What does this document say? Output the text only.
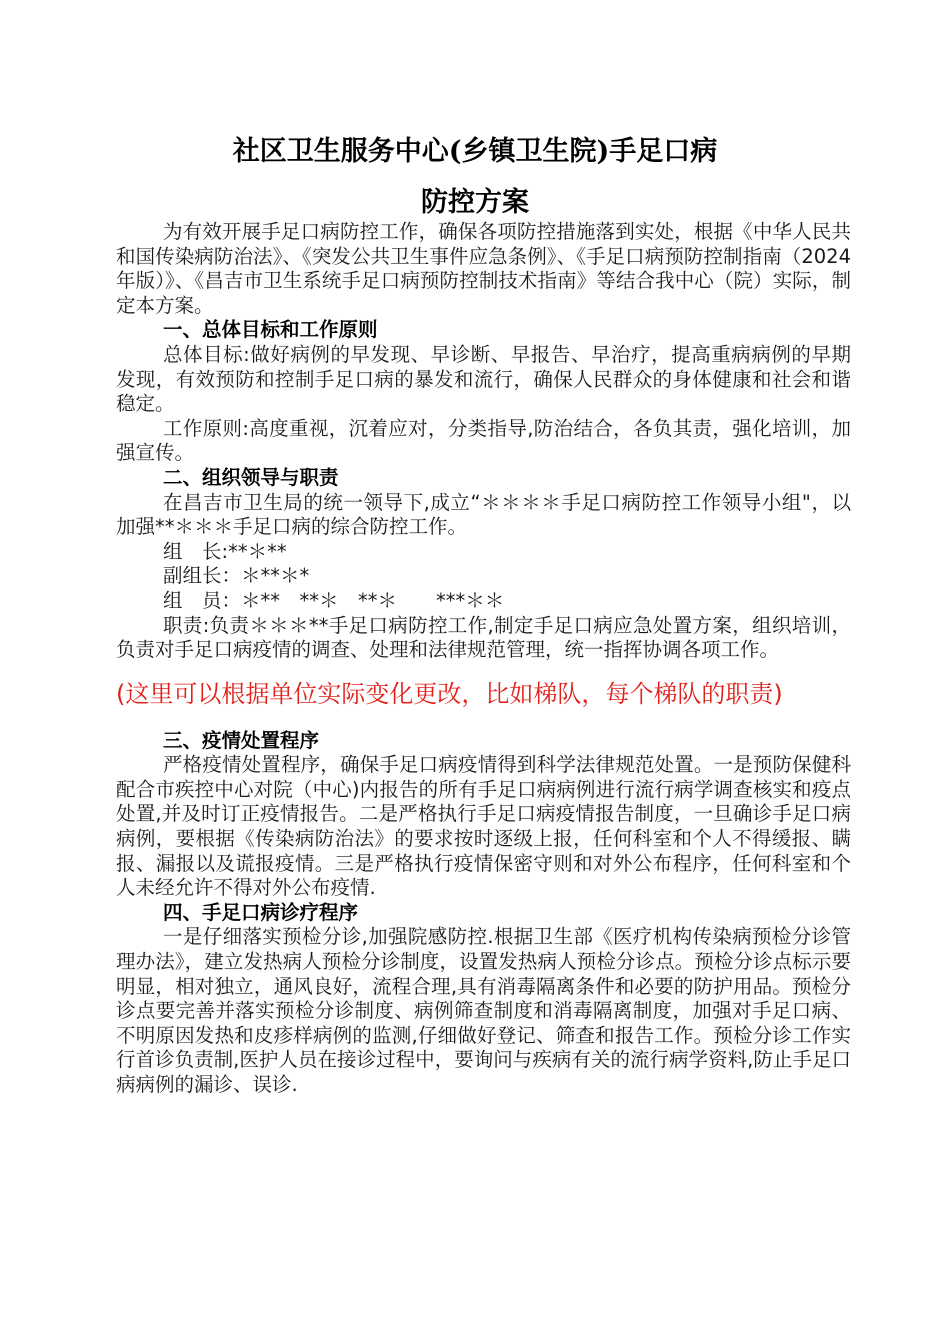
社区卫生服务中心(乡镇卫生院)手足口病
防控方案

为有效开展手足口病防控工作，确保各项防控措施落到实处，根据《中华人民共和国传染病防治法》、《突发公共卫生事件应急条例》、《手足口病预防控制指南（2024年版）》、《昌吉市卫生系统手足口病预防控制技术指南》等结合我中心（院）实际，制定本方案。

一、总体目标和工作原则

总体目标:做好病例的早发现、早诊断、早报告、早治疗，提高重病病例的早期发现，有效预防和控制手足口病的暴发和流行，确保人民群众的身体健康和社会和谐稳定。

工作原则:高度重视，沉着应对，分类指导,防治结合，各负其责，强化培训，加强宣传。

二、组织领导与职责

在昌吉市卫生局的统一领导下,成立“＊＊＊＊手足口病防控工作领导小组"，以加强**＊＊＊手足口病的综合防控工作。

组　长:**＊**

副组长：＊**＊*

组　员：＊**　**＊　**＊　　***＊＊

职责:负责＊＊＊**手足口病防控工作,制定手足口病应急处置方案，组织培训，负责对手足口病疫情的调查、处理和法律规范管理，统一指挥协调各项工作。

(这里可以根据单位实际变化更改，比如梯队，每个梯队的职责)

三、疫情处置程序

严格疫情处置程序，确保手足口病疫情得到科学法律规范处置。一是预防保健科配合市疾控中心对院（中心)内报告的所有手足口病病例进行流行病学调查核实和疫点处置,并及时订正疫情报告。二是严格执行手足口病疫情报告制度，一旦确诊手足口病病例，要根据《传染病防治法》的要求按时逐级上报，任何科室和个人不得缓报、瞒报、漏报以及谎报疫情。三是严格执行疫情保密守则和对外公布程序，任何科室和个人未经允许不得对外公布疫情.

四、手足口病诊疗程序

一是仔细落实预检分诊,加强院感防控.根据卫生部《医疗机构传染病预检分诊管理办法》，建立发热病人预检分诊制度，设置发热病人预检分诊点。预检分诊点标示要明显，相对独立，通风良好，流程合理,具有消毒隔离条件和必要的防护用品。预检分诊点要完善并落实预检分诊制度、病例筛查制度和消毒隔离制度，加强对手足口病、不明原因发热和皮疹样病例的监测,仔细做好登记、筛查和报告工作。预检分诊工作实行首诊负责制,医护人员在接诊过程中，要询问与疾病有关的流行病学资料,防止手足口病病例的漏诊、误诊.
